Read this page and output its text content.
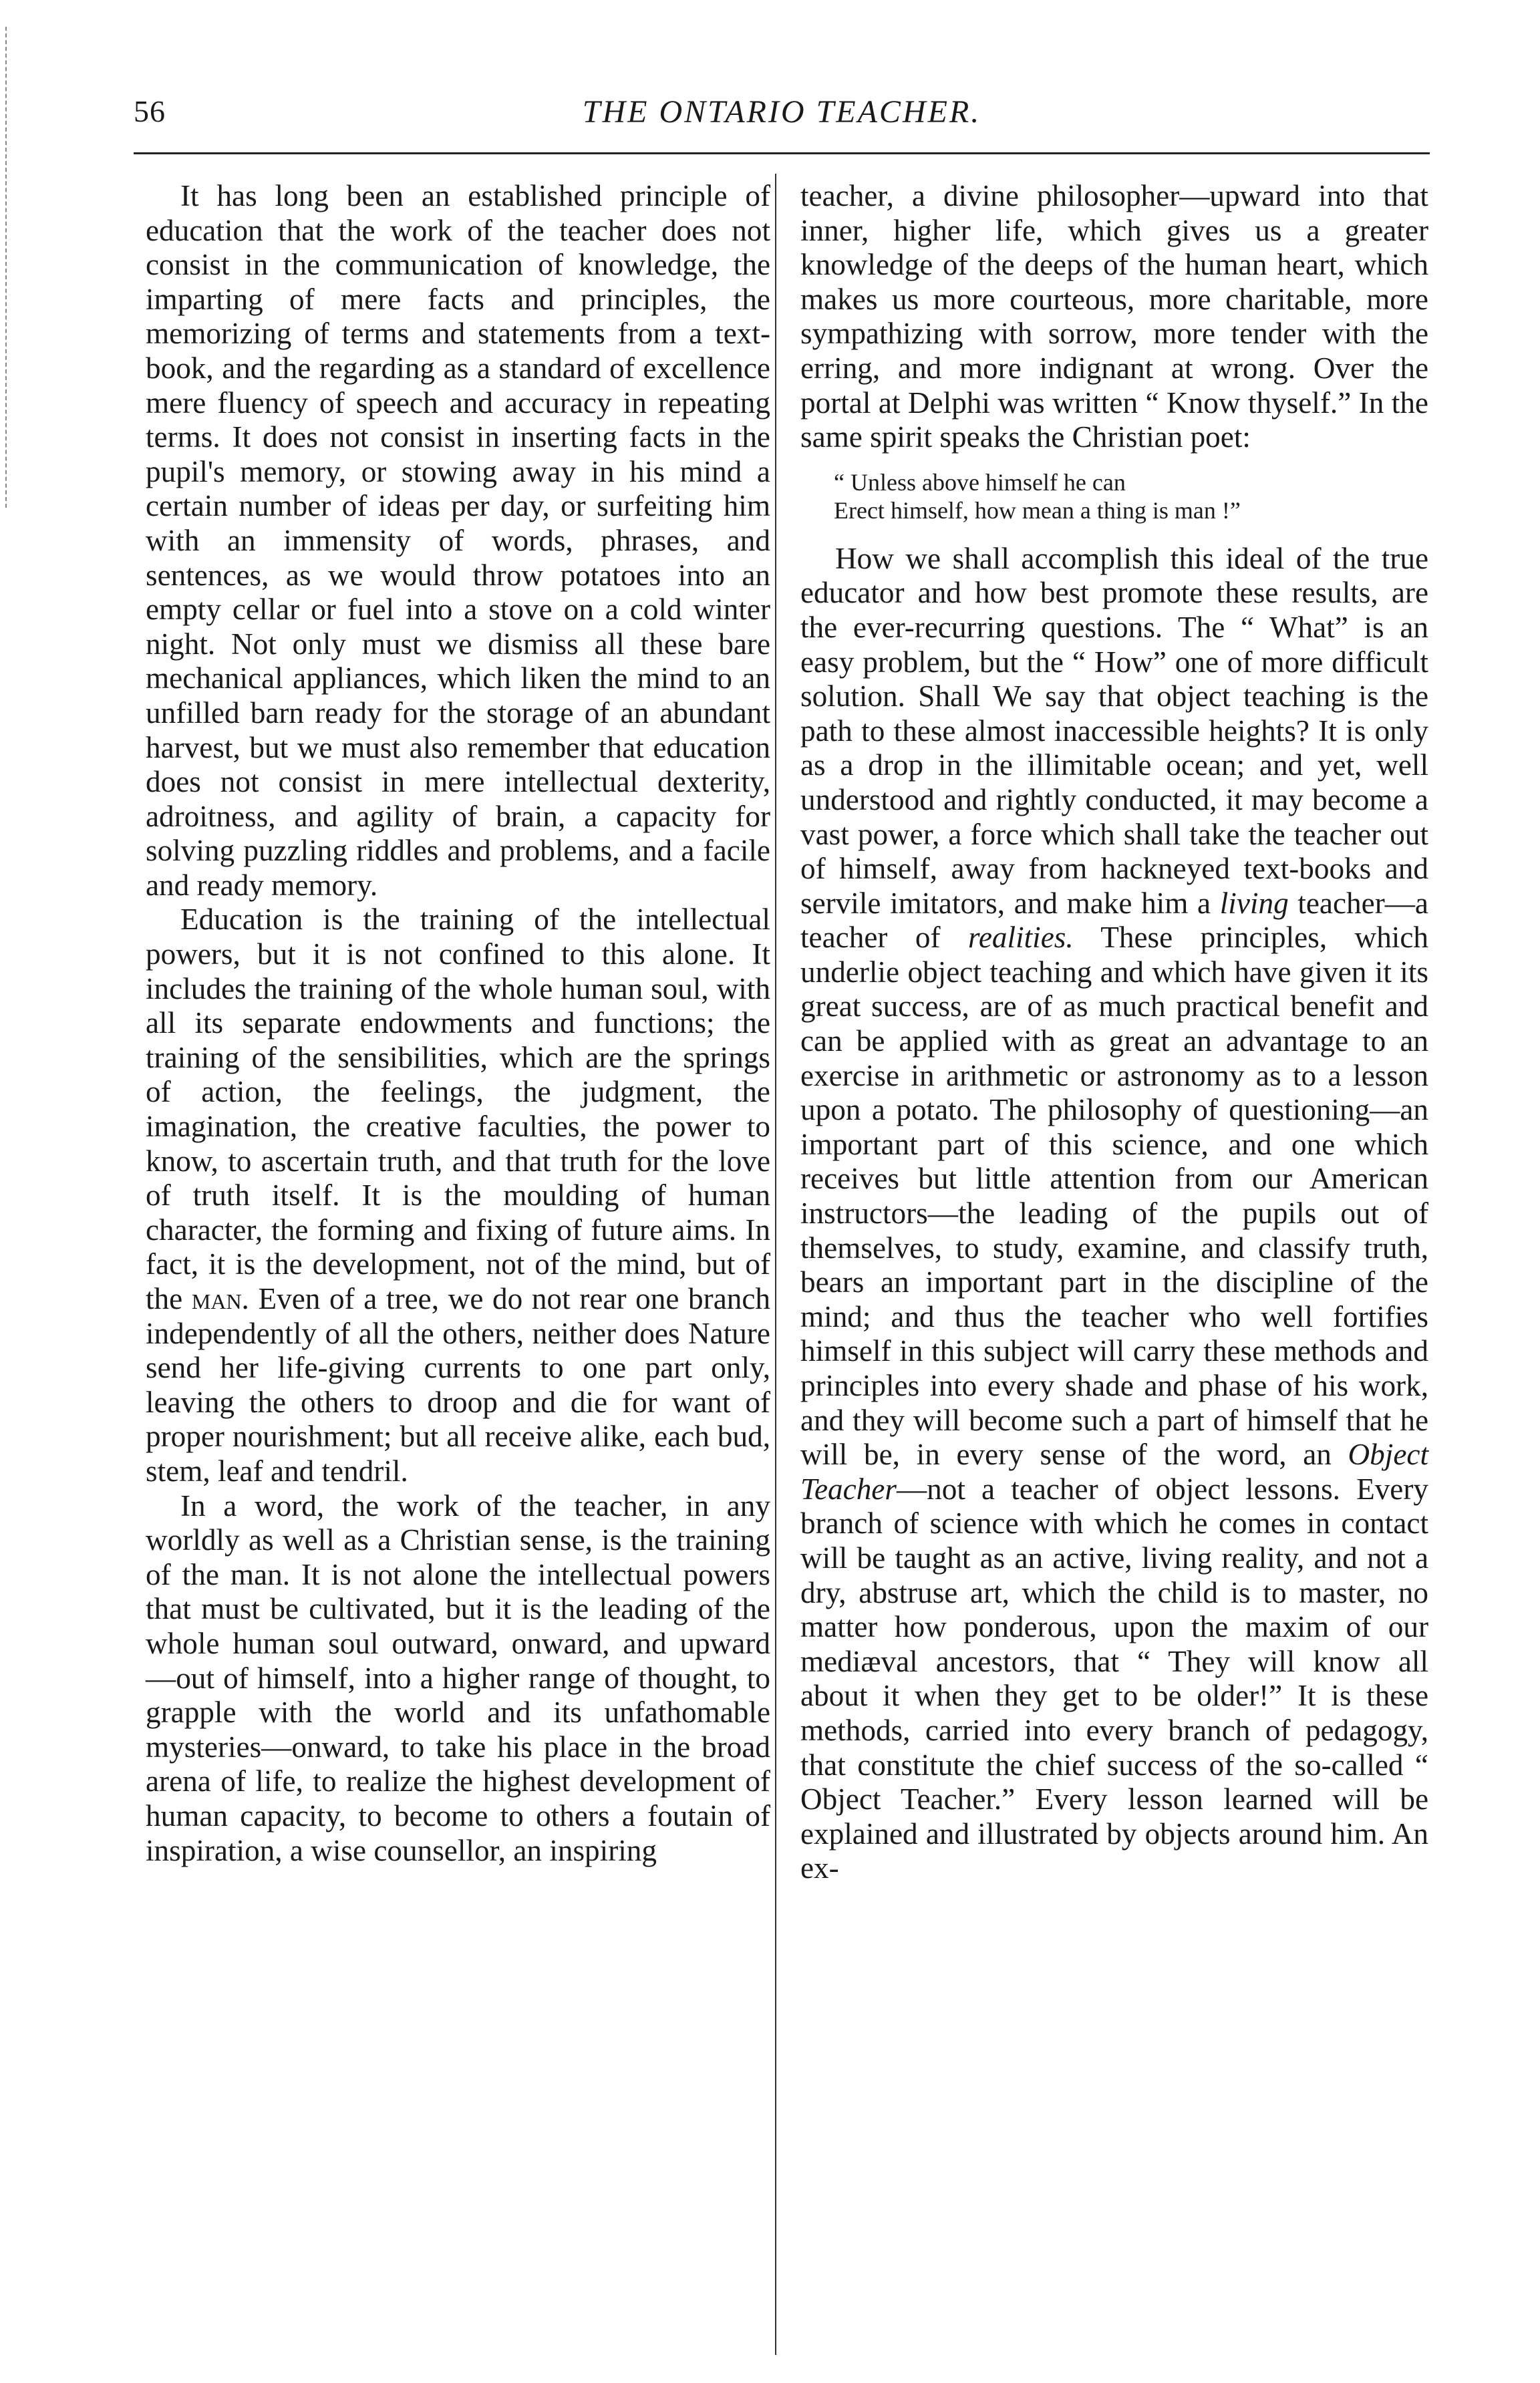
56	THE ONTARIO TEACHER.

It has long been an established principle of education that the work of the teacher does not consist in the communication of knowledge, the imparting of mere facts and principles, the memorizing of terms and statements from a text-book, and the regarding as a standard of excellence mere fluency of speech and accuracy in repeating terms. It does not consist in inserting facts in the pupil's memory, or stowing away in his mind a certain number of ideas per day, or surfeiting him with an immensity of words, phrases, and sentences, as we would throw potatoes into an empty cellar or fuel into a stove on a cold winter night. Not only must we dismiss all these bare mechanical appliances, which liken the mind to an unfilled barn ready for the storage of an abundant harvest, but we must also remember that education does not consist in mere intellectual dexterity, adroitness, and agility of brain, a capacity for solving puzzling riddles and problems, and a facile and ready memory.

Education is the training of the intellectual powers, but it is not confined to this alone. It includes the training of the whole human soul, with all its separate endowments and functions; the training of the sensibilities, which are the springs of action, the feelings, the judgment, the imagination, the creative faculties, the power to know, to ascertain truth, and that truth for the love of truth itself. It is the moulding of human character, the forming and fixing of future aims. In fact, it is the development, not of the mind, but of the man. Even of a tree, we do not rear one branch independently of all the others, neither does Nature send her life-giving currents to one part only, leaving the others to droop and die for want of proper nourishment; but all receive alike, each bud, stem, leaf and tendril.

In a word, the work of the teacher, in any worldly as well as a Christian sense, is the training of the man. It is not alone the intellectual powers that must be cultivated, but it is the leading of the whole human soul outward, onward, and upward —out of himself, into a higher range of thought, to grapple with the world and its unfathomable mysteries—onward, to take his place in the broad arena of life, to realize the highest development of human capacity, to become to others a foutain of inspiration, a wise counsellor, an inspiring

teacher, a divine philosopher—upward into that inner, higher life, which gives us a greater knowledge of the deeps of the human heart, which makes us more courteous, more charitable, more sympathizing with sorrow, more tender with the erring, and more indignant at wrong. Over the portal at Delphi was written “ Know thyself.” In the same spirit speaks the Christian poet:

“ Unless above himself he can
Erect himself, how mean a thing is man !”

How we shall accomplish this ideal of the true educator and how best promote these results, are the ever-recurring questions. The “ What” is an easy problem, but the “ How” one of more difficult solution. Shall We say that object teaching is the path to these almost inaccessible heights? It is only as a drop in the illimitable ocean; and yet, well understood and rightly conducted, it may become a vast power, a force which shall take the teacher out of himself, away from hackneyed text-books and servile imitators, and make him a living teacher—a teacher of realities. These principles, which underlie object teaching and which have given it its great success, are of as much practical benefit and can be applied with as great an advantage to an exercise in arithmetic or astronomy as to a lesson upon a potato. The philosophy of questioning—an important part of this science, and one which receives but little attention from our American instructors—the leading of the pupils out of themselves, to study, examine, and classify truth, bears an important part in the discipline of the mind; and thus the teacher who well fortifies himself in this subject will carry these methods and principles into every shade and phase of his work, and they will become such a part of himself that he will be, in every sense of the word, an Object Teacher—not a teacher of object lessons. Every branch of science with which he comes in contact will be taught as an active, living reality, and not a dry, abstruse art, which the child is to master, no matter how ponderous, upon the maxim of our mediæval ancestors, that “ They will know all about it when they get to be older!” It is these methods, carried into every branch of pedagogy, that constitute the chief success of the so-called “ Object Teacher.” Every lesson learned will be explained and illustrated by objects around him. An ex-
